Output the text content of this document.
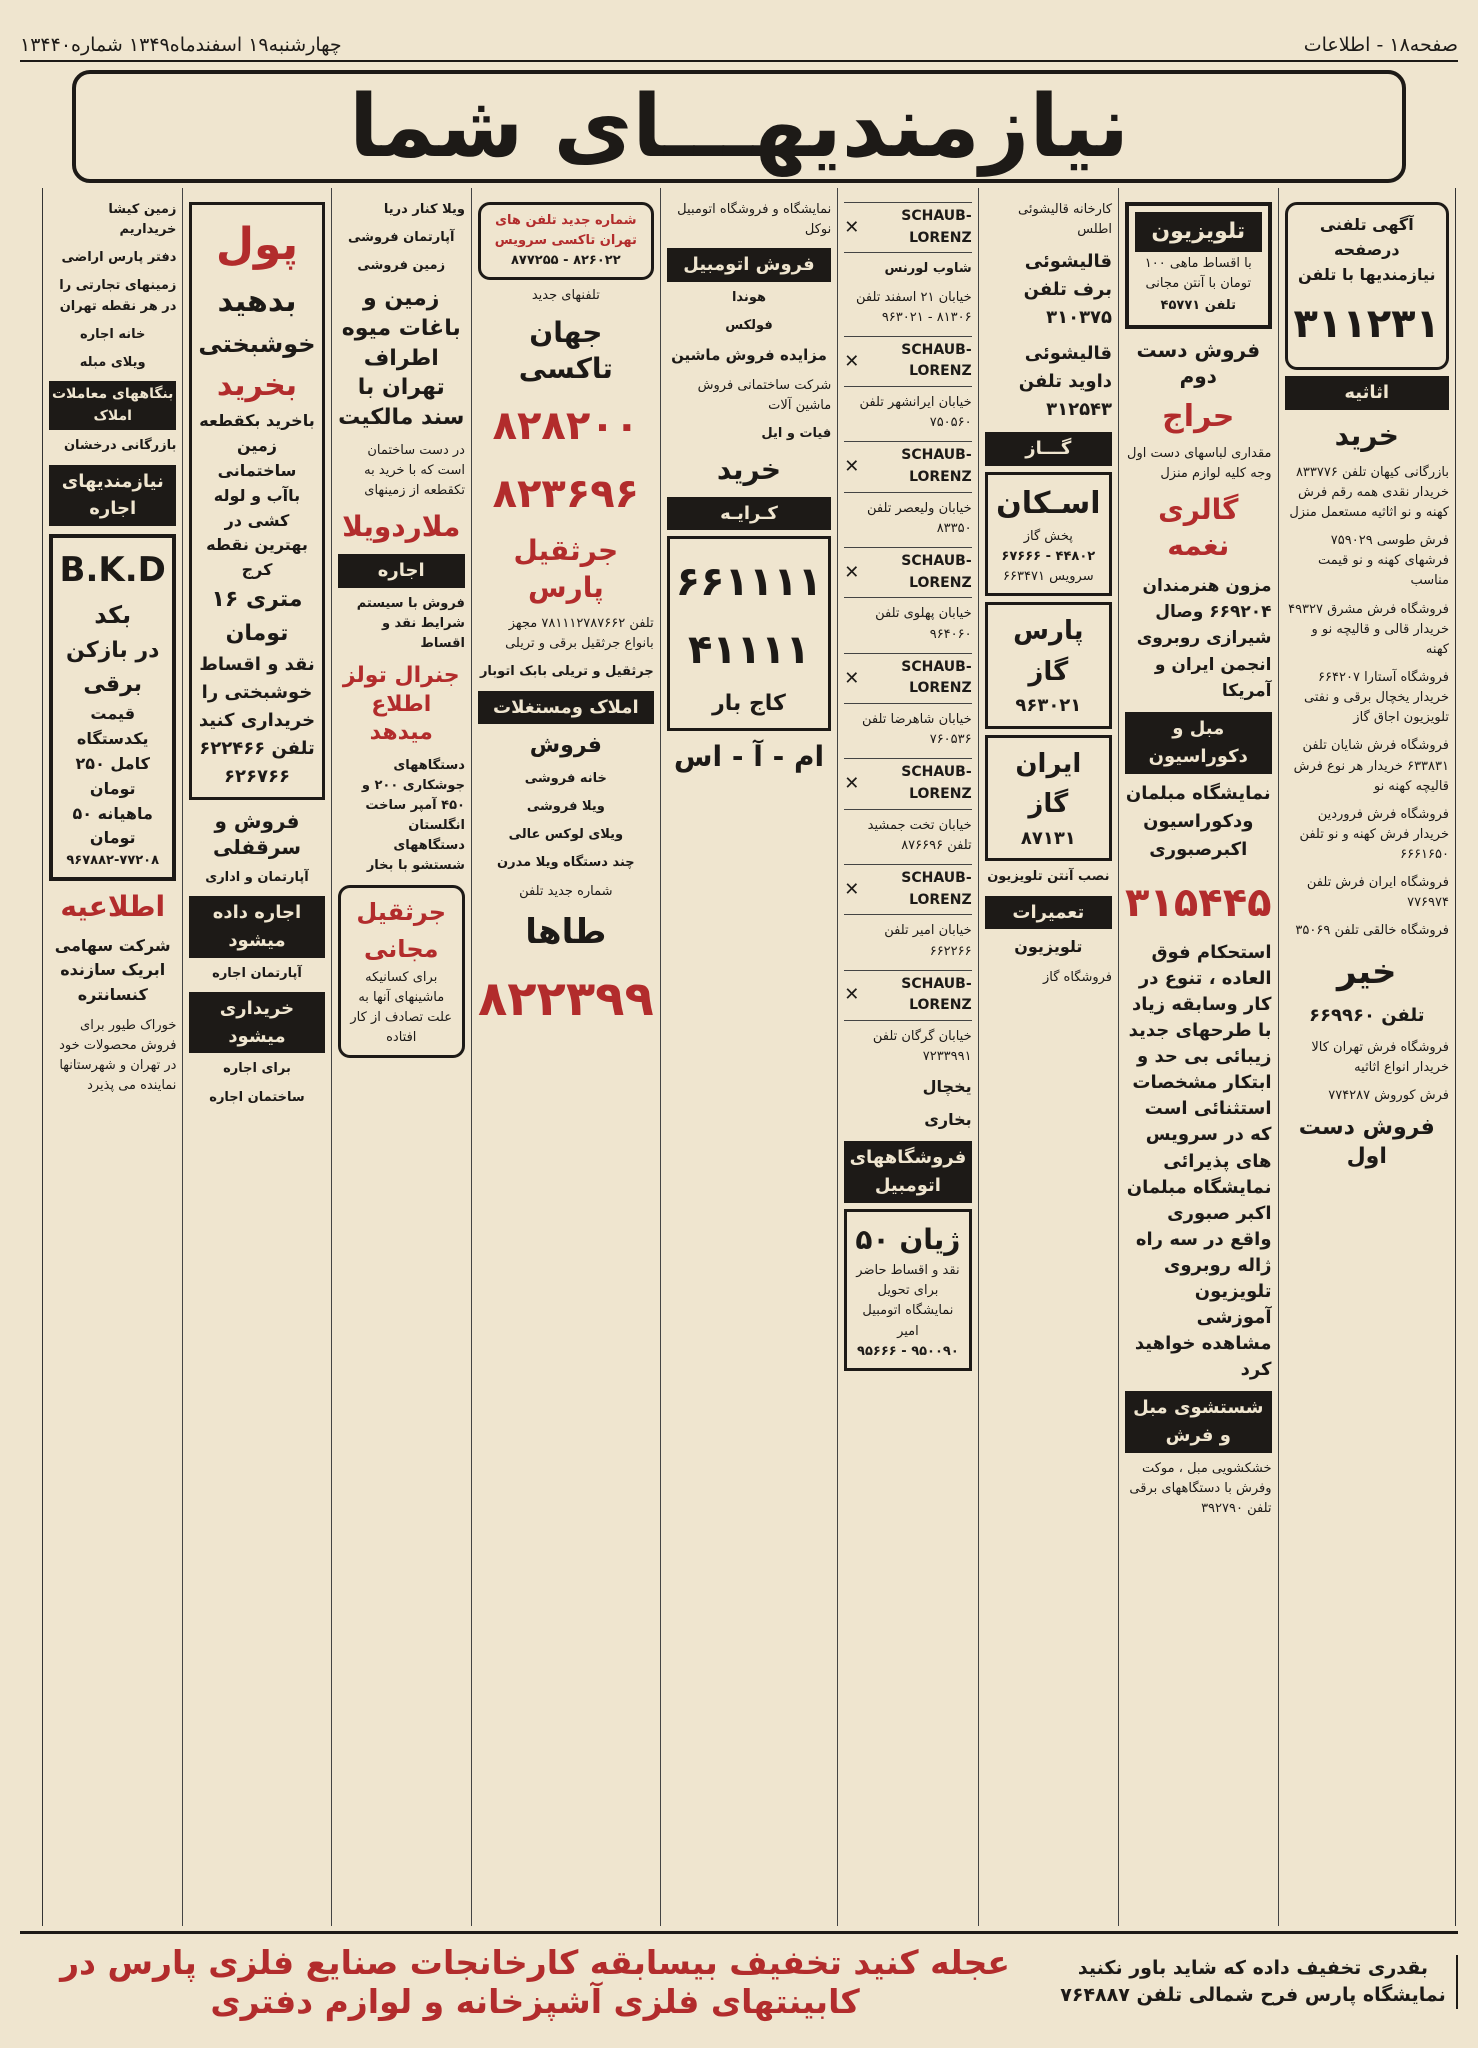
صفحه۱۸ - اطلاعات
چهارشنبه۱۹ اسفندماه۱۳۴۹ شماره۱۳۴۴۰
نیازمندیهـــای شما
آگهی تلفنی درصفحه نیازمندیها با تلفن
۳۱۱۲۳۱
اثاثیه
خرید
بازرگانی کیهان تلفن ۸۳۳۷۷۶ خریدار نقدی همه رقم فرش کهنه و نو اثاثیه مستعمل منزل
فرش طوسی ۷۵۹۰۲۹ فرشهای کهنه و نو قیمت مناسب
فروشگاه فرش مشرق ۴۹۳۲۷ خریدار قالی و قالیچه نو و کهنه
فروشگاه آستارا ۶۶۴۲۰۷ خریدار یخچال برقی و نفتی تلویزیون اجاق گاز
فروشگاه فرش شایان تلفن ۶۳۳۸۳۱ خریدار هر نوع فرش قالیچه کهنه نو
فروشگاه فرش فروردین خریدار فرش کهنه و نو تلفن ۶۶۶۱۶۵۰
فروشگاه ایران فرش تلفن ۷۷۶۹۷۴
فروشگاه خالقی تلفن ۳۵۰۶۹
خیر
تلفن ۶۶۹۹۶۰
فروشگاه فرش تهران کالا خریدار انواع اثاثیه
فرش کوروش ۷۷۴۲۸۷
فروش دست اول
تلویزیون
با اقساط ماهی ۱۰۰ تومان با آنتن مجانی
تلفن ۴۵۷۷۱
فروش دست دوم
حراج
مقداری لباسهای دست اول وجه کلیه لوازم منزل
گالری نغمه
مزون هنرمندان ۶۶۹۲۰۴ وصال شیرازی روبروی انجمن ایران و آمریکا
مبل و دکوراسیون
نمایشگاه مبلمان ودکوراسیون اکبرصبوری
۳۱۵۴۴۵
استحکام فوق العاده ، تنوع در کار وسابقه زیاد با طرحهای جدید زیبائی بی حد و ابتکار مشخصات استثنائی است که در سرویس های پذیرائی نمایشگاه مبلمان اکبر صبوری واقع در سه راه ژاله روبروی تلویزیون آموزشی مشاهده خواهید کرد
شستشوی مبل و فرش
خشکشویی مبل ، موکت وفرش با دستگاههای برقی تلفن ۳۹۲۷۹۰
کارخانه قالیشوئی اطلس
قالیشوئی برف تلفن ۳۱۰۳۷۵
قالیشوئی داوید تلفن ۳۱۲۵۴۳
گـــاز
اسـکان
پخش گاز
۴۴۸۰۲ - ۶۷۶۶۶
سرویس ۶۶۳۴۷۱
پارس گاز
۹۶۳۰۲۱
ایران گاز
۸۷۱۳۱
نصب آنتن تلویزیون
تعمیرات
تلویزیون
فروشگاه گاز
✕
SCHAUB-LORENZ
شاوب لورنس
خیابان ۲۱ اسفند تلفن ۸۱۳۰۶ - ۹۶۳۰۲۱
✕
SCHAUB-LORENZ
خیابان ایرانشهر تلفن ۷۵۰۵۶۰
✕
SCHAUB-LORENZ
خیابان ولیعصر تلفن ۸۳۳۵۰
✕
SCHAUB-LORENZ
خیابان پهلوی تلفن ۹۶۴۰۶۰
✕
SCHAUB-LORENZ
خیابان شاهرضا تلفن ۷۶۰۵۳۶
✕
SCHAUB-LORENZ
خیابان تخت جمشید تلفن ۸۷۶۶۹۶
✕
SCHAUB-LORENZ
خیابان امیر تلفن ۶۶۲۲۶۶
✕
SCHAUB-LORENZ
خیابان گرگان تلفن ۷۲۳۳۹۹۱
یخچال
بخاری
فروشگاههای اتومبیل
ژیان ۵۰
نقد و اقساط حاضر برای تحویل نمایشگاه اتومبیل امیر
۹۵۰۰۹۰ - ۹۵۶۶۶
نمایشگاه و فروشگاه اتومبیل نوکل
فروش اتومبیل
هوندا
فولکس
مزایده فروش ماشین
شرکت ساختمانی فروش ماشین آلات
فیات و ایل
خرید
کـرایـه
۶۶۱۱۱۱
۴۱۱۱۱
کاج بار
ام - آ - اس
شماره جدید تلفن های تهران تاکسی سرویس
۸۲۶۰۲۲ - ۸۷۷۲۵۵
تلفنهای جدید
جهان تاکسی
۸۲۸۲۰۰
۸۲۳۶۹۶
جرثقیل پارس
تلفن ۷۸۱۱۱۲۷۸۷۶۶۲ مجهز بانواع جرثقیل برقی و تریلی
جرثقیل و تریلی بابک اتوبار
املاک ومستغلات
فروش
خانه فروشی
ویلا فروشی
ویلای لوکس عالی
چند دستگاه ویلا مدرن
شماره جدید تلفن
طاها
۸۲۲۳۹۹
ویلا کنار دریا
آپارتمان فروشی
زمین فروشی
زمین و باغات میوه اطراف تهران با سند مالکیت
در دست ساختمان است که با خرید به تکقطعه از زمینهای
ملاردویلا
اجاره
فروش با سیستم شرایط نقد و اقساط
جنرال تولز اطلاع میدهد
دستگاههای جوشکاری ۲۰۰ و ۴۵۰ آمپر ساخت انگلستان دستگاههای شستشو با بخار
جرثقیل مجانی
برای کسانیکه ماشینهای آنها به علت تصادف از کار افتاده
پول
بدهید
خوشبختی
بخرید
باخرید بکقطعه زمین ساختمانی باآب و لوله کشی در بهترین نقطه کرج
متری ۱۶ تومان
نقد و اقساط خوشبختی را خریداری کنید
تلفن ۶۲۲۴۶۶
۶۲۶۷۶۶
فروش و سرقفلی
آپارتمان و اداری
اجاره داده میشود
آپارتمان اجاره
خریداری میشود
برای اجاره
ساختمان اجاره
زمین کیشا خریداریم
دفتر پارس اراضی
زمینهای تجارتی را در هر نقطه تهران
خانه اجاره
ویلای مبله
بنگاههای معاملات املاک
بازرگانی درخشان
نیازمندیهای اجاره
B.K.D
بکد
در بازکن برقی
قیمت یکدستگاه کامل ۲۵۰ تومان
ماهیانه ۵۰ تومان
۹۶۷۸۸۲-۷۷۲۰۸
اطلاعیه
شرکت سهامی ابریک سازنده کنسانتره
خوراک طیور برای فروش محصولات خود در تهران و شهرستانها نماینده می پذیرد
عجله کنید تخفیف بیسابقه کارخانجات صنایع فلزی پارس در کابینتهای فلزی آشپزخانه و لوازم دفتری
بقدری تخفیف داده که شاید باور نکنید نمایشگاه پارس فرح شمالی تلفن ۷۶۴۸۸۷
